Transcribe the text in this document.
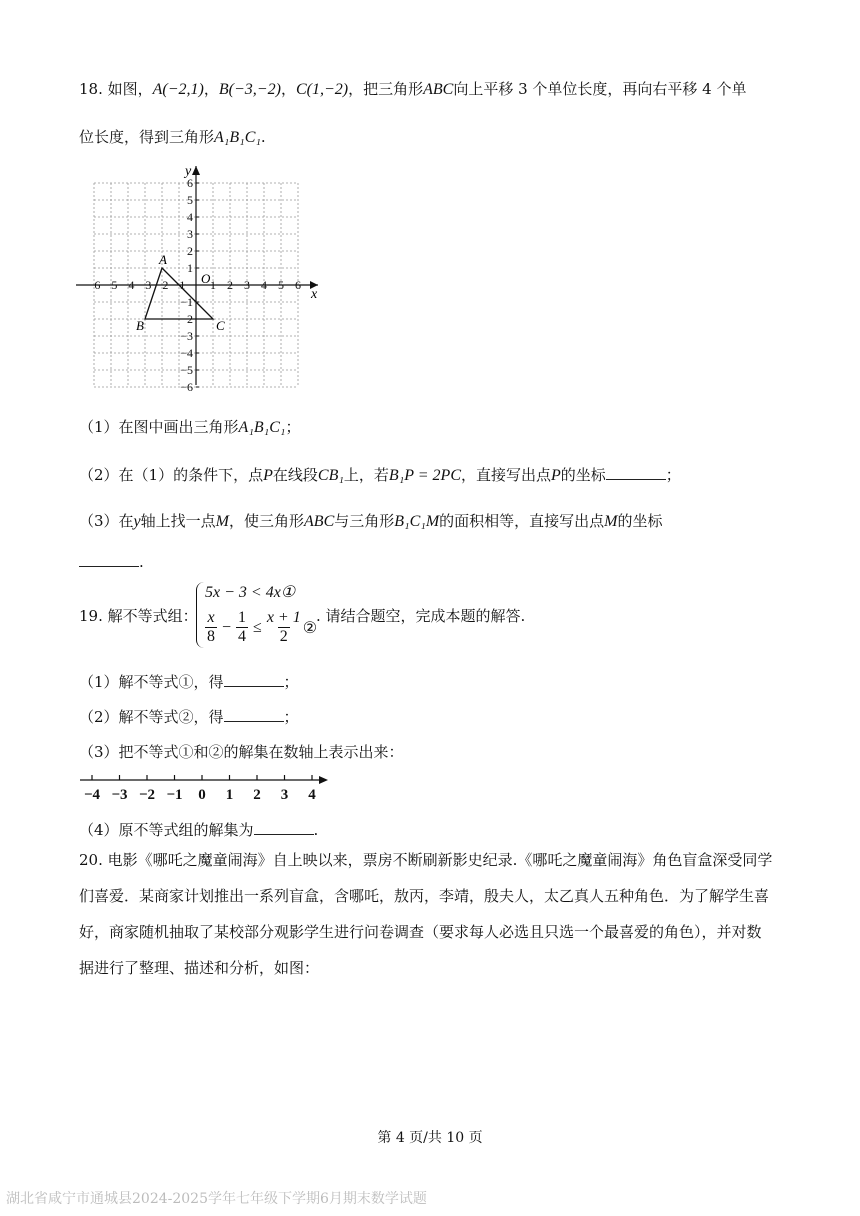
18. 如图，A(−2,1)，B(−3,−2)，C(1,−2)，把三角形ABC向上平移 3 个单位长度，再向右平移 4 个单
位长度，得到三角形A₁B₁C₁.
−6 −5 −4 −3 −2 −1 1 2 3 4 5 6
6
5
4
3
2
1
−1
−2
−3
−4
−5
−6
y
x
O
A
B	C
（1）在图中画出三角形A₁B₁C₁；
（2）在（1）的条件下，点P在线段CB₁上，若B₁P = 2PC，直接写出点P的坐标	；
（3）在y轴上找一点M，使三角形ABC与三角形B₁C₁M的面积相等，直接写出点M的坐标
.
19. 解不等式组：
5x − 3 < 4x①
$\frac{x}{8} - \frac{1}{4} \le \frac{x + 1}{2}$ ②
. 请结合题空，完成本题的解答.
（1）解不等式①，得	；
（2）解不等式②，得	；
（3）把不等式①和②的解集在数轴上表示出来：
−4 −3 −2 −1 0 1 2 3 4
（4）原不等式组的解集为	.
20. 电影《哪吒之魔童闹海》自上映以来，票房不断刷新影史纪录.《哪吒之魔童闹海》角色盲盒深受同学
们喜爱．某商家计划推出一系列盲盒，含哪吒，敖丙，李靖，殷夫人，太乙真人五种角色．为了解学生喜
好，商家随机抽取了某校部分观影学生进行问卷调查（要求每人必选且只选一个最喜爱的角色），并对数
据进行了整理、描述和分析，如图：
第 4 页/共 10 页
湖北省咸宁市通城县2024-2025学年七年级下学期6月期末数学试题
